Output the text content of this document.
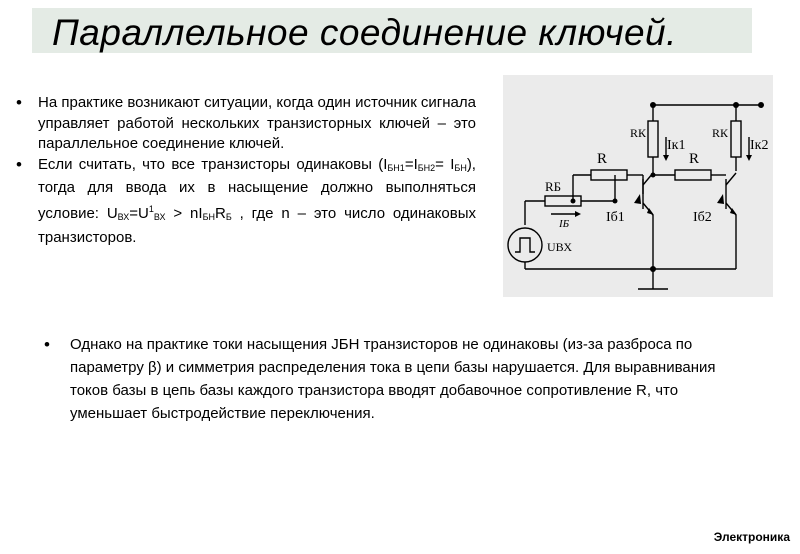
Параллельное соединение ключей.
• На практике возникают ситуации, когда один источник сигнала управляет работой нескольких транзисторных ключей – это параллельное соединение ключей.
• Если считать, что все транзисторы одинаковы $(I_{БН1}=I_{БН2}= I_{БН})$, тогда для ввода их в насыщение должно выполняться условие: $U_{ВХ}=U^1_{ВХ} > nI_{БН}R_Б$ , где n – это число одинаковых транзисторов.
RБ
R	R
RК	RК
Iк1	Iк2
Iб1	Iб2
IБ
UВХ
• Однако на практике токи насыщения JБН транзисторов не одинаковы (из-за разброса по параметру β) и симметрия распределения тока в цепи базы нарушается. Для выравнивания токов базы в цепь базы каждого транзистора вводят добавочное сопротивление R, что уменьшает быстродействие переключения.
Электроника
